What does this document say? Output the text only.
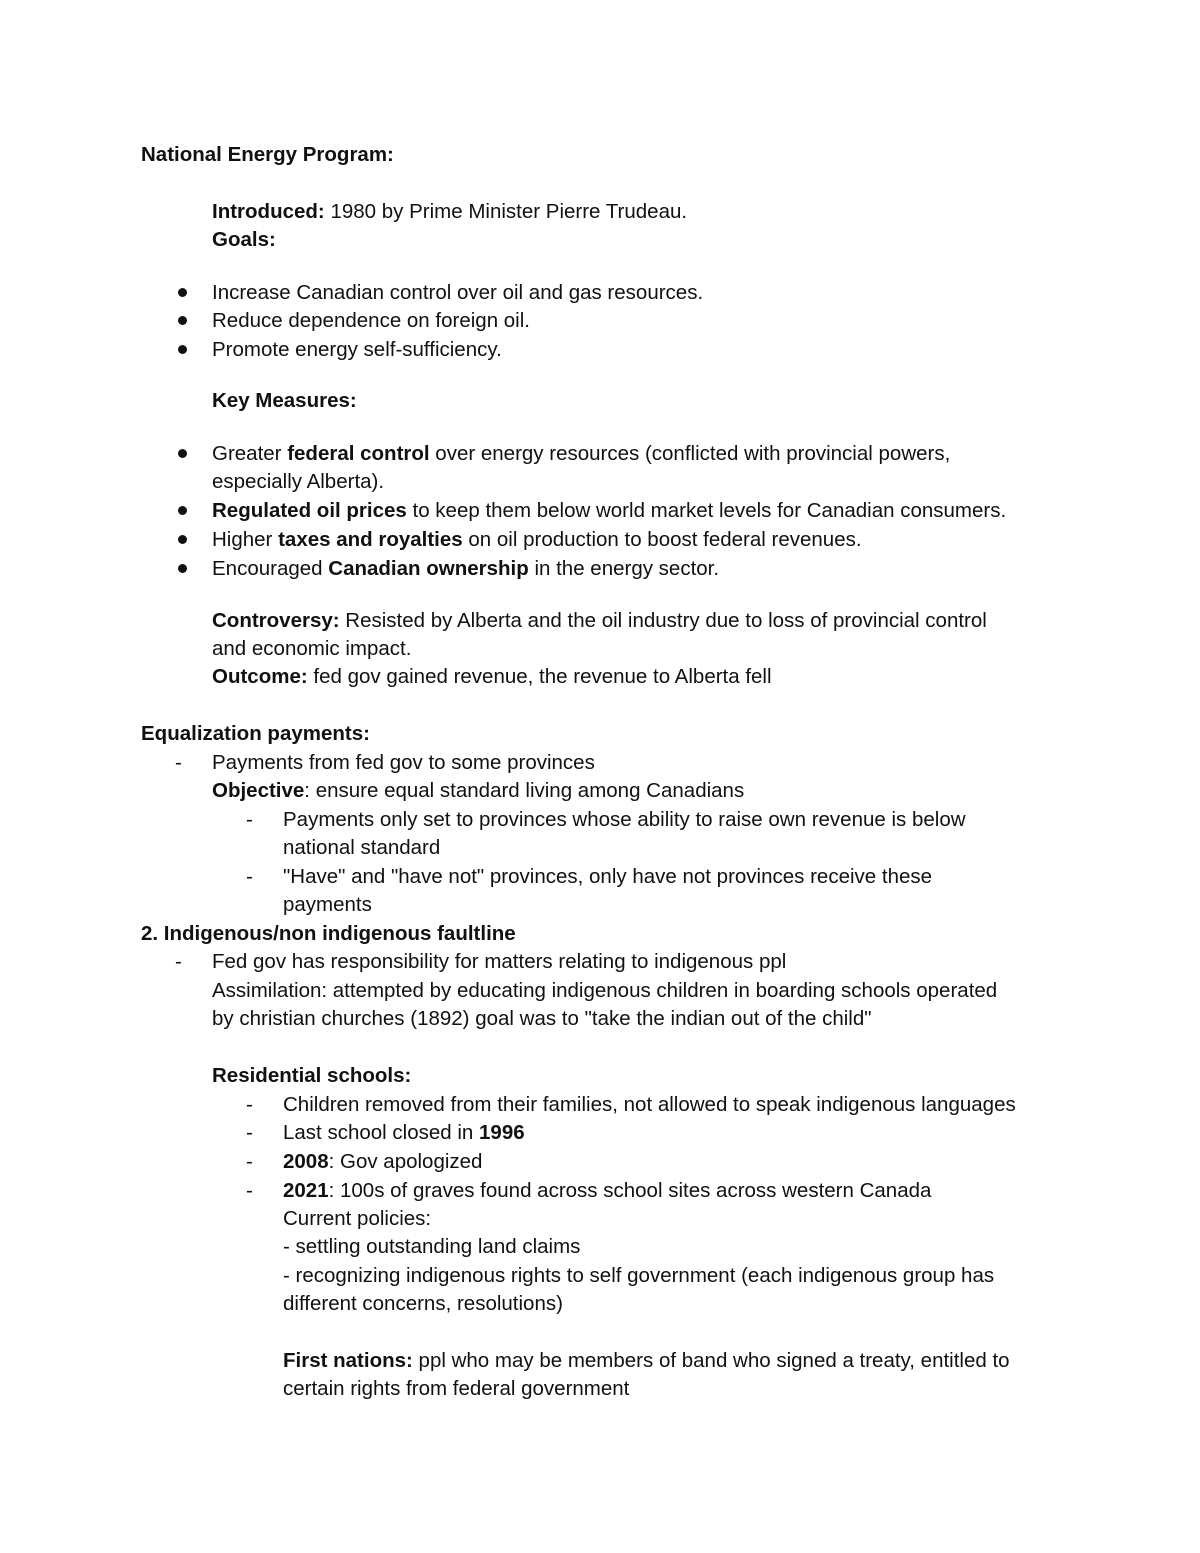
National Energy Program:
Introduced: 1980 by Prime Minister Pierre Trudeau.
Goals:
Increase Canadian control over oil and gas resources.
Reduce dependence on foreign oil.
Promote energy self-sufficiency.
Key Measures:
Greater federal control over energy resources (conflicted with provincial powers,
especially Alberta).
Regulated oil prices to keep them below world market levels for Canadian consumers.
Higher taxes and royalties on oil production to boost federal revenues.
Encouraged Canadian ownership in the energy sector.
Controversy: Resisted by Alberta and the oil industry due to loss of provincial control
and economic impact.
Outcome: fed gov gained revenue, the revenue to Alberta fell
Equalization payments:
- Payments from fed gov to some provinces
Objective: ensure equal standard living among Canadians
- Payments only set to provinces whose ability to raise own revenue is below
national standard
- "Have" and "have not" provinces, only have not provinces receive these
payments
2. Indigenous/non indigenous faultline
- Fed gov has responsibility for matters relating to indigenous ppl
Assimilation: attempted by educating indigenous children in boarding schools operated
by christian churches (1892) goal was to "take the indian out of the child"
Residential schools:
- Children removed from their families, not allowed to speak indigenous languages
- Last school closed in 1996
- 2008: Gov apologized
- 2021: 100s of graves found across school sites across western Canada
Current policies:
- settling outstanding land claims
- recognizing indigenous rights to self government (each indigenous group has
different concerns, resolutions)
First nations: ppl who may be members of band who signed a treaty, entitled to
certain rights from federal government
